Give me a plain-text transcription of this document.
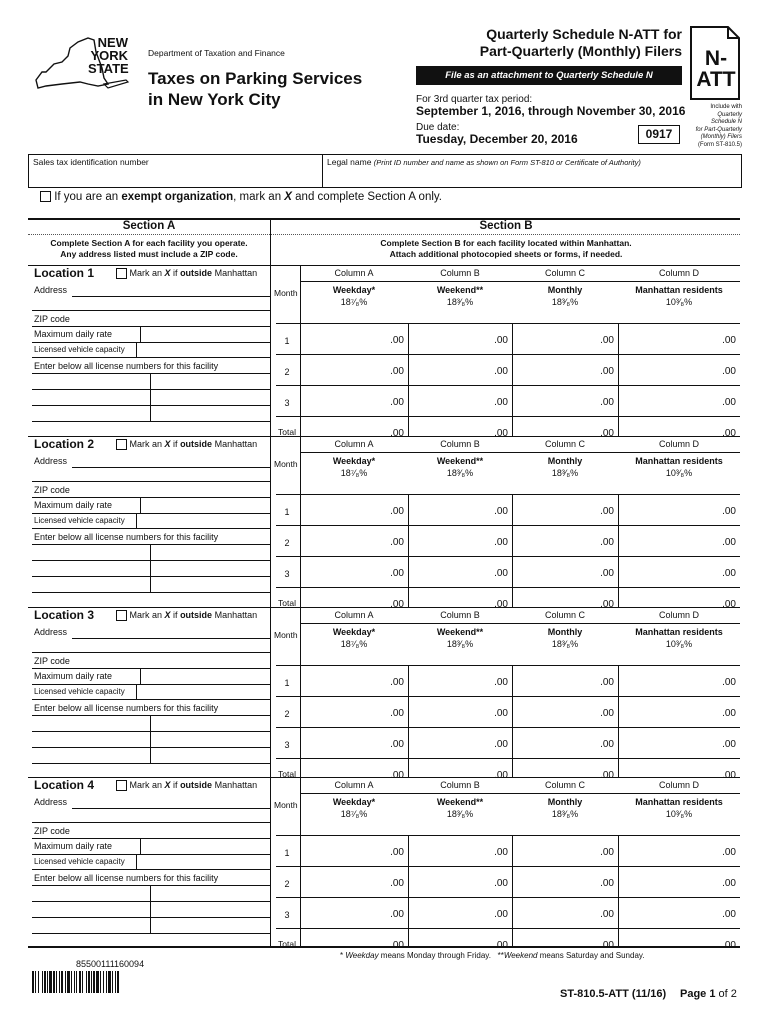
NEW
YORK
STATE
Department of Taxation and Finance
Taxes on Parking Services
in New York City
Quarterly Schedule N-ATT for
Part-Quarterly (Monthly) Filers
File as an attachment to Quarterly Schedule N
For 3rd quarter tax period:
September 1, 2016, through November 30, 2016
Due date:
Tuesday, December 20, 2016	0917
N-
ATT
Include with
Quarterly
Schedule N
for Part-Quarterly
(Monthly) Filers
(Form ST-810.5)
Sales tax identification number	Legal name (Print ID number and name as shown on Form ST-810 or Certificate of Authority)
If you are an exempt organization, mark an X and complete Section A only.
Section A	Section B
Complete Section A for each facility you operate.
Any address listed must include a ZIP code.
Complete Section B for each facility located within Manhattan.
Attach additional photocopied sheets or forms, if needed.
Location 1	Mark an X if outside Manhattan
Address
ZIP code
Maximum daily rate
Licensed vehicle capacity
Enter below all license numbers for this facility
Month
Column A
Weekday*
18⁷⁄₈%
Column B
Weekend**
18³⁄₈%
Column C
Monthly
18³⁄₈%
Column D
Manhattan residents
10³⁄₈%
1	.00	.00	.00	.00
2	.00	.00	.00	.00
3	.00	.00	.00	.00
Total	.00	.00	.00	.00
Location 2	Mark an X if outside Manhattan
Address
ZIP code
Maximum daily rate
Licensed vehicle capacity
Enter below all license numbers for this facility
Month
Column A
Weekday*
18⁷⁄₈%
Column B
Weekend**
18³⁄₈%
Column C
Monthly
18³⁄₈%
Column D
Manhattan residents
10³⁄₈%
1	.00	.00	.00	.00
2	.00	.00	.00	.00
3	.00	.00	.00	.00
Total	.00	.00	.00	.00
Location 3	Mark an X if outside Manhattan
Address
ZIP code
Maximum daily rate
Licensed vehicle capacity
Enter below all license numbers for this facility
Month
Column A
Weekday*
18⁷⁄₈%
Column B
Weekend**
18³⁄₈%
Column C
Monthly
18³⁄₈%
Column D
Manhattan residents
10³⁄₈%
1	.00	.00	.00	.00
2	.00	.00	.00	.00
3	.00	.00	.00	.00
Total	.00	.00	.00	.00
Location 4	Mark an X if outside Manhattan
Address
ZIP code
Maximum daily rate
Licensed vehicle capacity
Enter below all license numbers for this facility
Month
Column A
Weekday*
18⁷⁄₈%
Column B
Weekend**
18³⁄₈%
Column C
Monthly
18³⁄₈%
Column D
Manhattan residents
10³⁄₈%
1	.00	.00	.00	.00
2	.00	.00	.00	.00
3	.00	.00	.00	.00
Total	.00	.00	.00	.00
* Weekday means Monday through Friday. **Weekend means Saturday and Sunday.
85500111160094
ST-810.5-ATT (11/16) Page 1 of 2
